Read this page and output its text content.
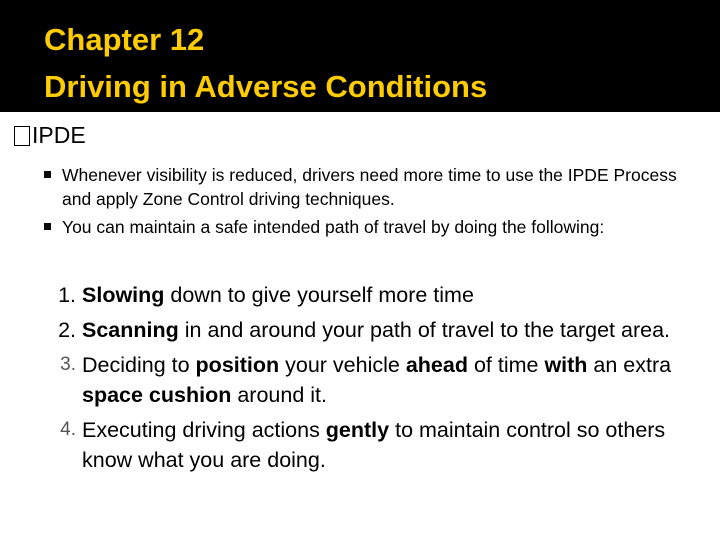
Chapter 12
Driving in Adverse Conditions
IPDE
Whenever visibility is reduced, drivers need more time to use the IPDE Process and apply Zone Control driving techniques.
You can maintain a safe intended path of travel by doing the following:
1. Slowing down to give yourself more time
2. Scanning in and around your path of travel to the target area.
3. Deciding to position your vehicle ahead of time with an extra space cushion around it.
4. Executing driving actions gently to maintain control so others know what you are doing.
